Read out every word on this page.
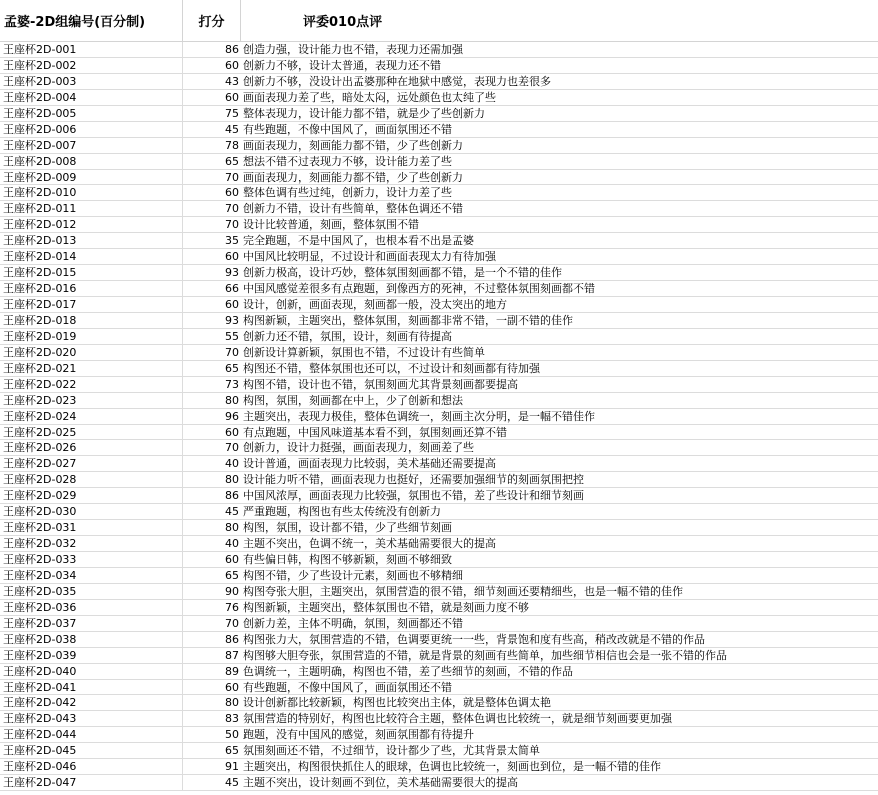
孟婆-2D组编号(百分制)	打分	评委010点评
王座杯2D-001	86 创造力强，设计能力也不错，表现力还需加强
王座杯2D-002	60 创新力不够，设计太普通，表现力还不错
王座杯2D-003	43 创新力不够，没设计出孟婆那种在地狱中感觉，表现力也差很多
王座杯2D-004	60 画面表现力差了些，暗处太闷，远处颜色也太纯了些
王座杯2D-005	75 整体表现力，设计能力都不错，就是少了些创新力
王座杯2D-006	45 有些跑题，不像中国风了，画面氛围还不错
王座杯2D-007	78 画面表现力，刻画能力都不错，少了些创新力
王座杯2D-008	65 想法不错不过表现力不够，设计能力差了些
王座杯2D-009	70 画面表现力，刻画能力都不错，少了些创新力
王座杯2D-010	60 整体色调有些过纯，创新力，设计力差了些
王座杯2D-011	70 创新力不错，设计有些简单，整体色调还不错
王座杯2D-012	70 设计比较普通，刻画，整体氛围不错
王座杯2D-013	35 完全跑题，不是中国风了，也根本看不出是孟婆
王座杯2D-014	60 中国风比较明显，不过设计和画面表现太力有待加强
王座杯2D-015	93 创新力极高，设计巧妙，整体氛围刻画都不错，是一个不错的佳作
王座杯2D-016	66 中国风感觉差很多有点跑题，到像西方的死神，不过整体氛围刻画都不错
王座杯2D-017	60 设计，创新，画面表现，刻画都一般，没太突出的地方
王座杯2D-018	93 构图新颖，主题突出，整体氛围，刻画都非常不错，一副不错的佳作
王座杯2D-019	55 创新力还不错，氛围，设计，刻画有待提高
王座杯2D-020	70 创新设计算新颖，氛围也不错，不过设计有些简单
王座杯2D-021	65 构图还不错，整体氛围也还可以，不过设计和刻画都有待加强
王座杯2D-022	73 构图不错，设计也不错，氛围刻画尤其背景刻画都要提高
王座杯2D-023	80 构图，氛围，刻画都在中上，少了创新和想法
王座杯2D-024	96 主题突出，表现力极佳，整体色调统一，刻画主次分明，是一幅不错佳作
王座杯2D-025	60 有点跑题，中国风味道基本看不到，氛围刻画还算不错
王座杯2D-026	70 创新力，设计力挺强，画面表现力，刻画差了些
王座杯2D-027	40 设计普通，画面表现力比较弱，美术基础还需要提高
王座杯2D-028	80 设计能力听不错，画面表现力也挺好，还需要加强细节的刻画氛围把控
王座杯2D-029	86 中国风浓厚，画面表现力比较强，氛围也不错，差了些设计和细节刻画
王座杯2D-030	45 严重跑题，构图也有些太传统没有创新力
王座杯2D-031	80 构图，氛围，设计都不错，少了些细节刻画
王座杯2D-032	40 主题不突出，色调不统一，美术基础需要很大的提高
王座杯2D-033	60 有些偏日韩，构图不够新颖，刻画不够细致
王座杯2D-034	65 构图不错，少了些设计元素，刻画也不够精细
王座杯2D-035	90 构图夸张大胆，主题突出，氛围营造的很不错，细节刻画还要精细些，也是一幅不错的佳作
王座杯2D-036	76 构图新颖，主题突出，整体氛围也不错，就是刻画力度不够
王座杯2D-037	70 创新力差，主体不明确，氛围，刻画都还不错
王座杯2D-038	86 构图张力大，氛围营造的不错，色调要更统一一些，背景饱和度有些高，稍改改就是不错的作品
王座杯2D-039	87 构图够大胆夸张，氛围营造的不错，就是背景的刻画有些简单，加些细节相信也会是一张不错的作品
王座杯2D-040	89 色调统一，主题明确，构图也不错，差了些细节的刻画，不错的作品
王座杯2D-041	60 有些跑题，不像中国风了，画面氛围还不错
王座杯2D-042	80 设计创新都比较新颖，构图也比较突出主体，就是整体色调太艳
王座杯2D-043	83 氛围营造的特别好，构图也比较符合主题，整体色调也比较统一，就是细节刻画要更加强
王座杯2D-044	50 跑题，没有中国风的感觉，刻画氛围都有待提升
王座杯2D-045	65 氛围刻画还不错，不过细节，设计都少了些，尤其背景太简单
王座杯2D-046	91 主题突出，构图很快抓住人的眼球，色调也比较统一，刻画也到位，是一幅不错的佳作
王座杯2D-047	45 主题不突出，设计刻画不到位，美术基础需要很大的提高
